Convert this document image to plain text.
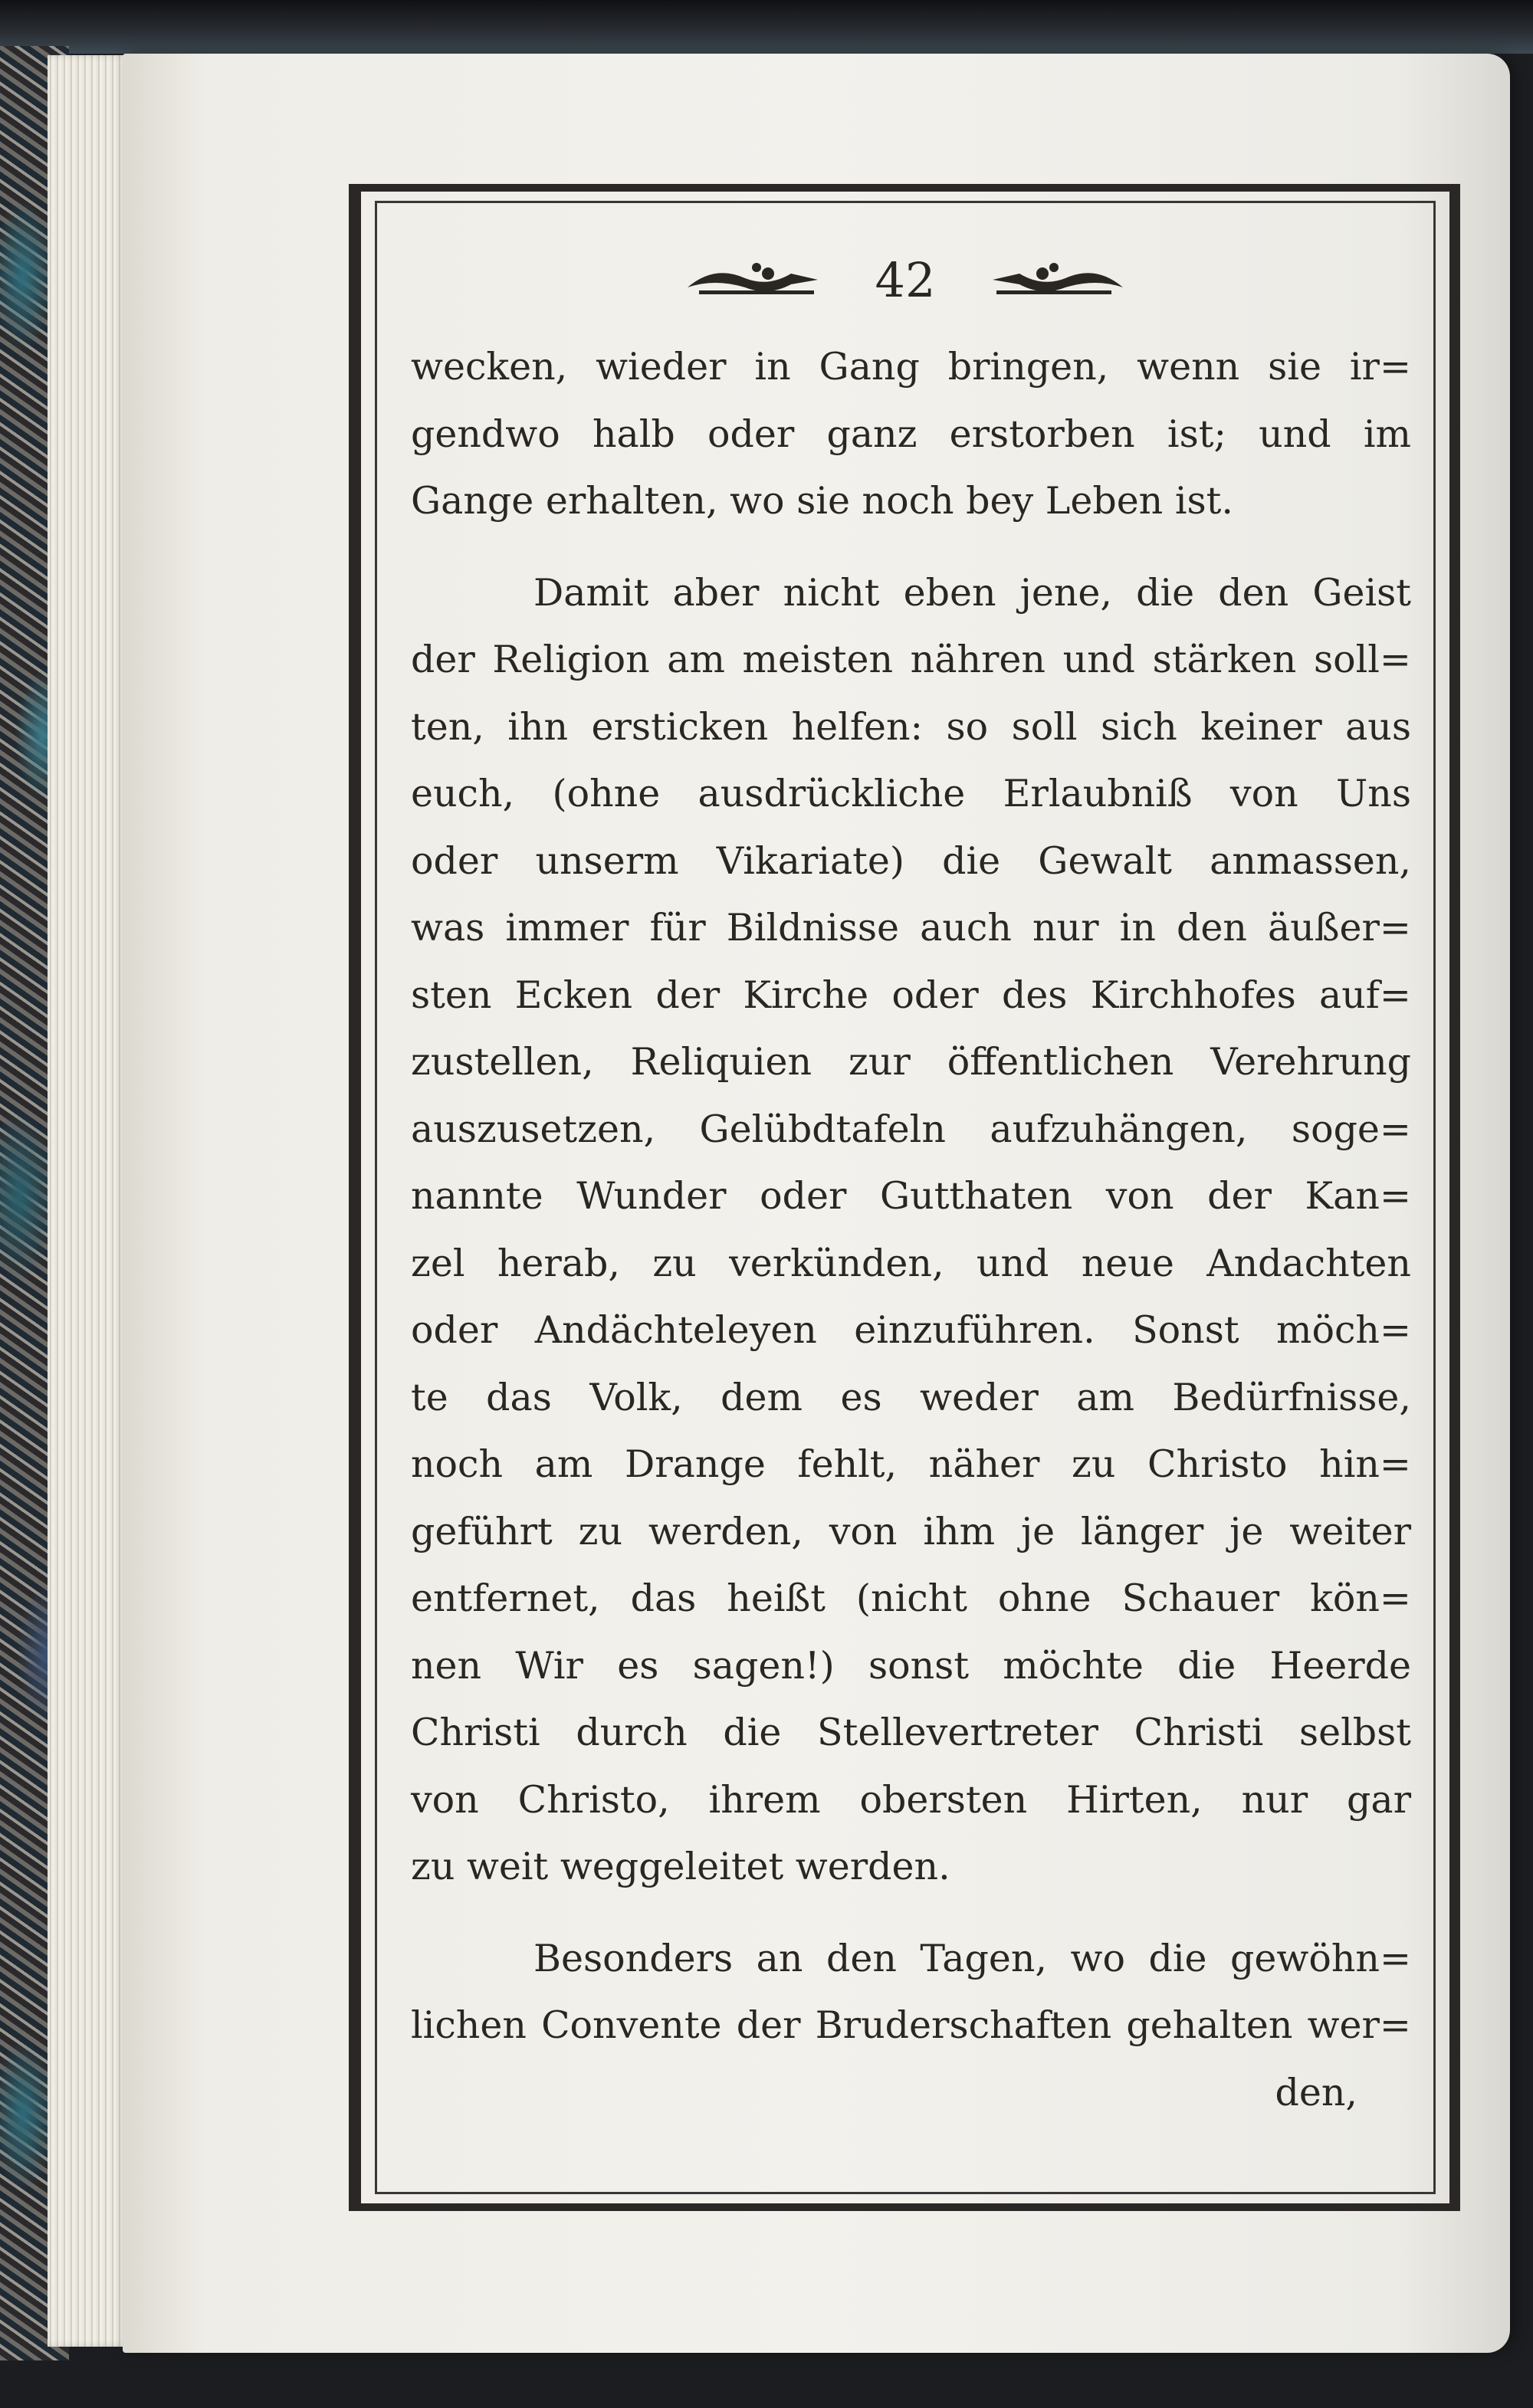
42
wecken, wieder in Gang bringen, wenn sie ir=
gendwo halb oder ganz erstorben ist; und im
Gange erhalten, wo sie noch bey Leben ist.
Damit aber nicht eben jene, die den Geist
der Religion am meisten nähren und stärken soll=
ten, ihn ersticken helfen: so soll sich keiner aus
euch, (ohne ausdrückliche Erlaubniß von Uns
oder unserm Vikariate) die Gewalt anmassen,
was immer für Bildnisse auch nur in den äußer=
sten Ecken der Kirche oder des Kirchhofes auf=
zustellen, Reliquien zur öffentlichen Verehrung
auszusetzen, Gelübdtafeln aufzuhängen, soge=
nannte Wunder oder Gutthaten von der Kan=
zel herab, zu verkünden, und neue Andachten
oder Andächteleyen einzuführen. Sonst möch=
te das Volk, dem es weder am Bedürfnisse,
noch am Drange fehlt, näher zu Christo hin=
geführt zu werden, von ihm je länger je weiter
entfernet, das heißt (nicht ohne Schauer kön=
nen Wir es sagen!) sonst möchte die Heerde
Christi durch die Stellevertreter Christi selbst
von Christo, ihrem obersten Hirten, nur gar
zu weit weggeleitet werden.
Besonders an den Tagen, wo die gewöhn=
lichen Convente der Bruderschaften gehalten wer=
den,
